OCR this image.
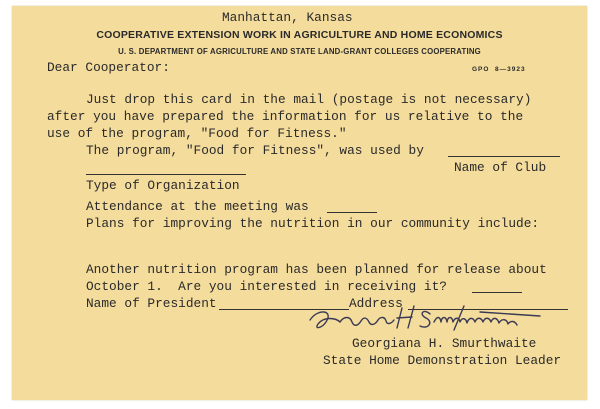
Manhattan, Kansas
COOPERATIVE EXTENSION WORK IN AGRICULTURE AND HOME ECONOMICS
U. S. DEPARTMENT OF AGRICULTURE AND STATE LAND-GRANT COLLEGES COOPERATING
Dear Cooperator:	GPO  8—3923
Just drop this card in the mail (postage is not necessary)
after you have prepared the information for us relative to the
use of the program, "Food for Fitness."
The program, "Food for Fitness", was used by
Name of Club
Type of Organization
Attendance at the meeting was
Plans for improving the nutrition in our community include:
Another nutrition program has been planned for release about
October 1.  Are you interested in receiving it?
Name of President	Address
Georgiana H. Smurthwaite
State Home Demonstration Leader
